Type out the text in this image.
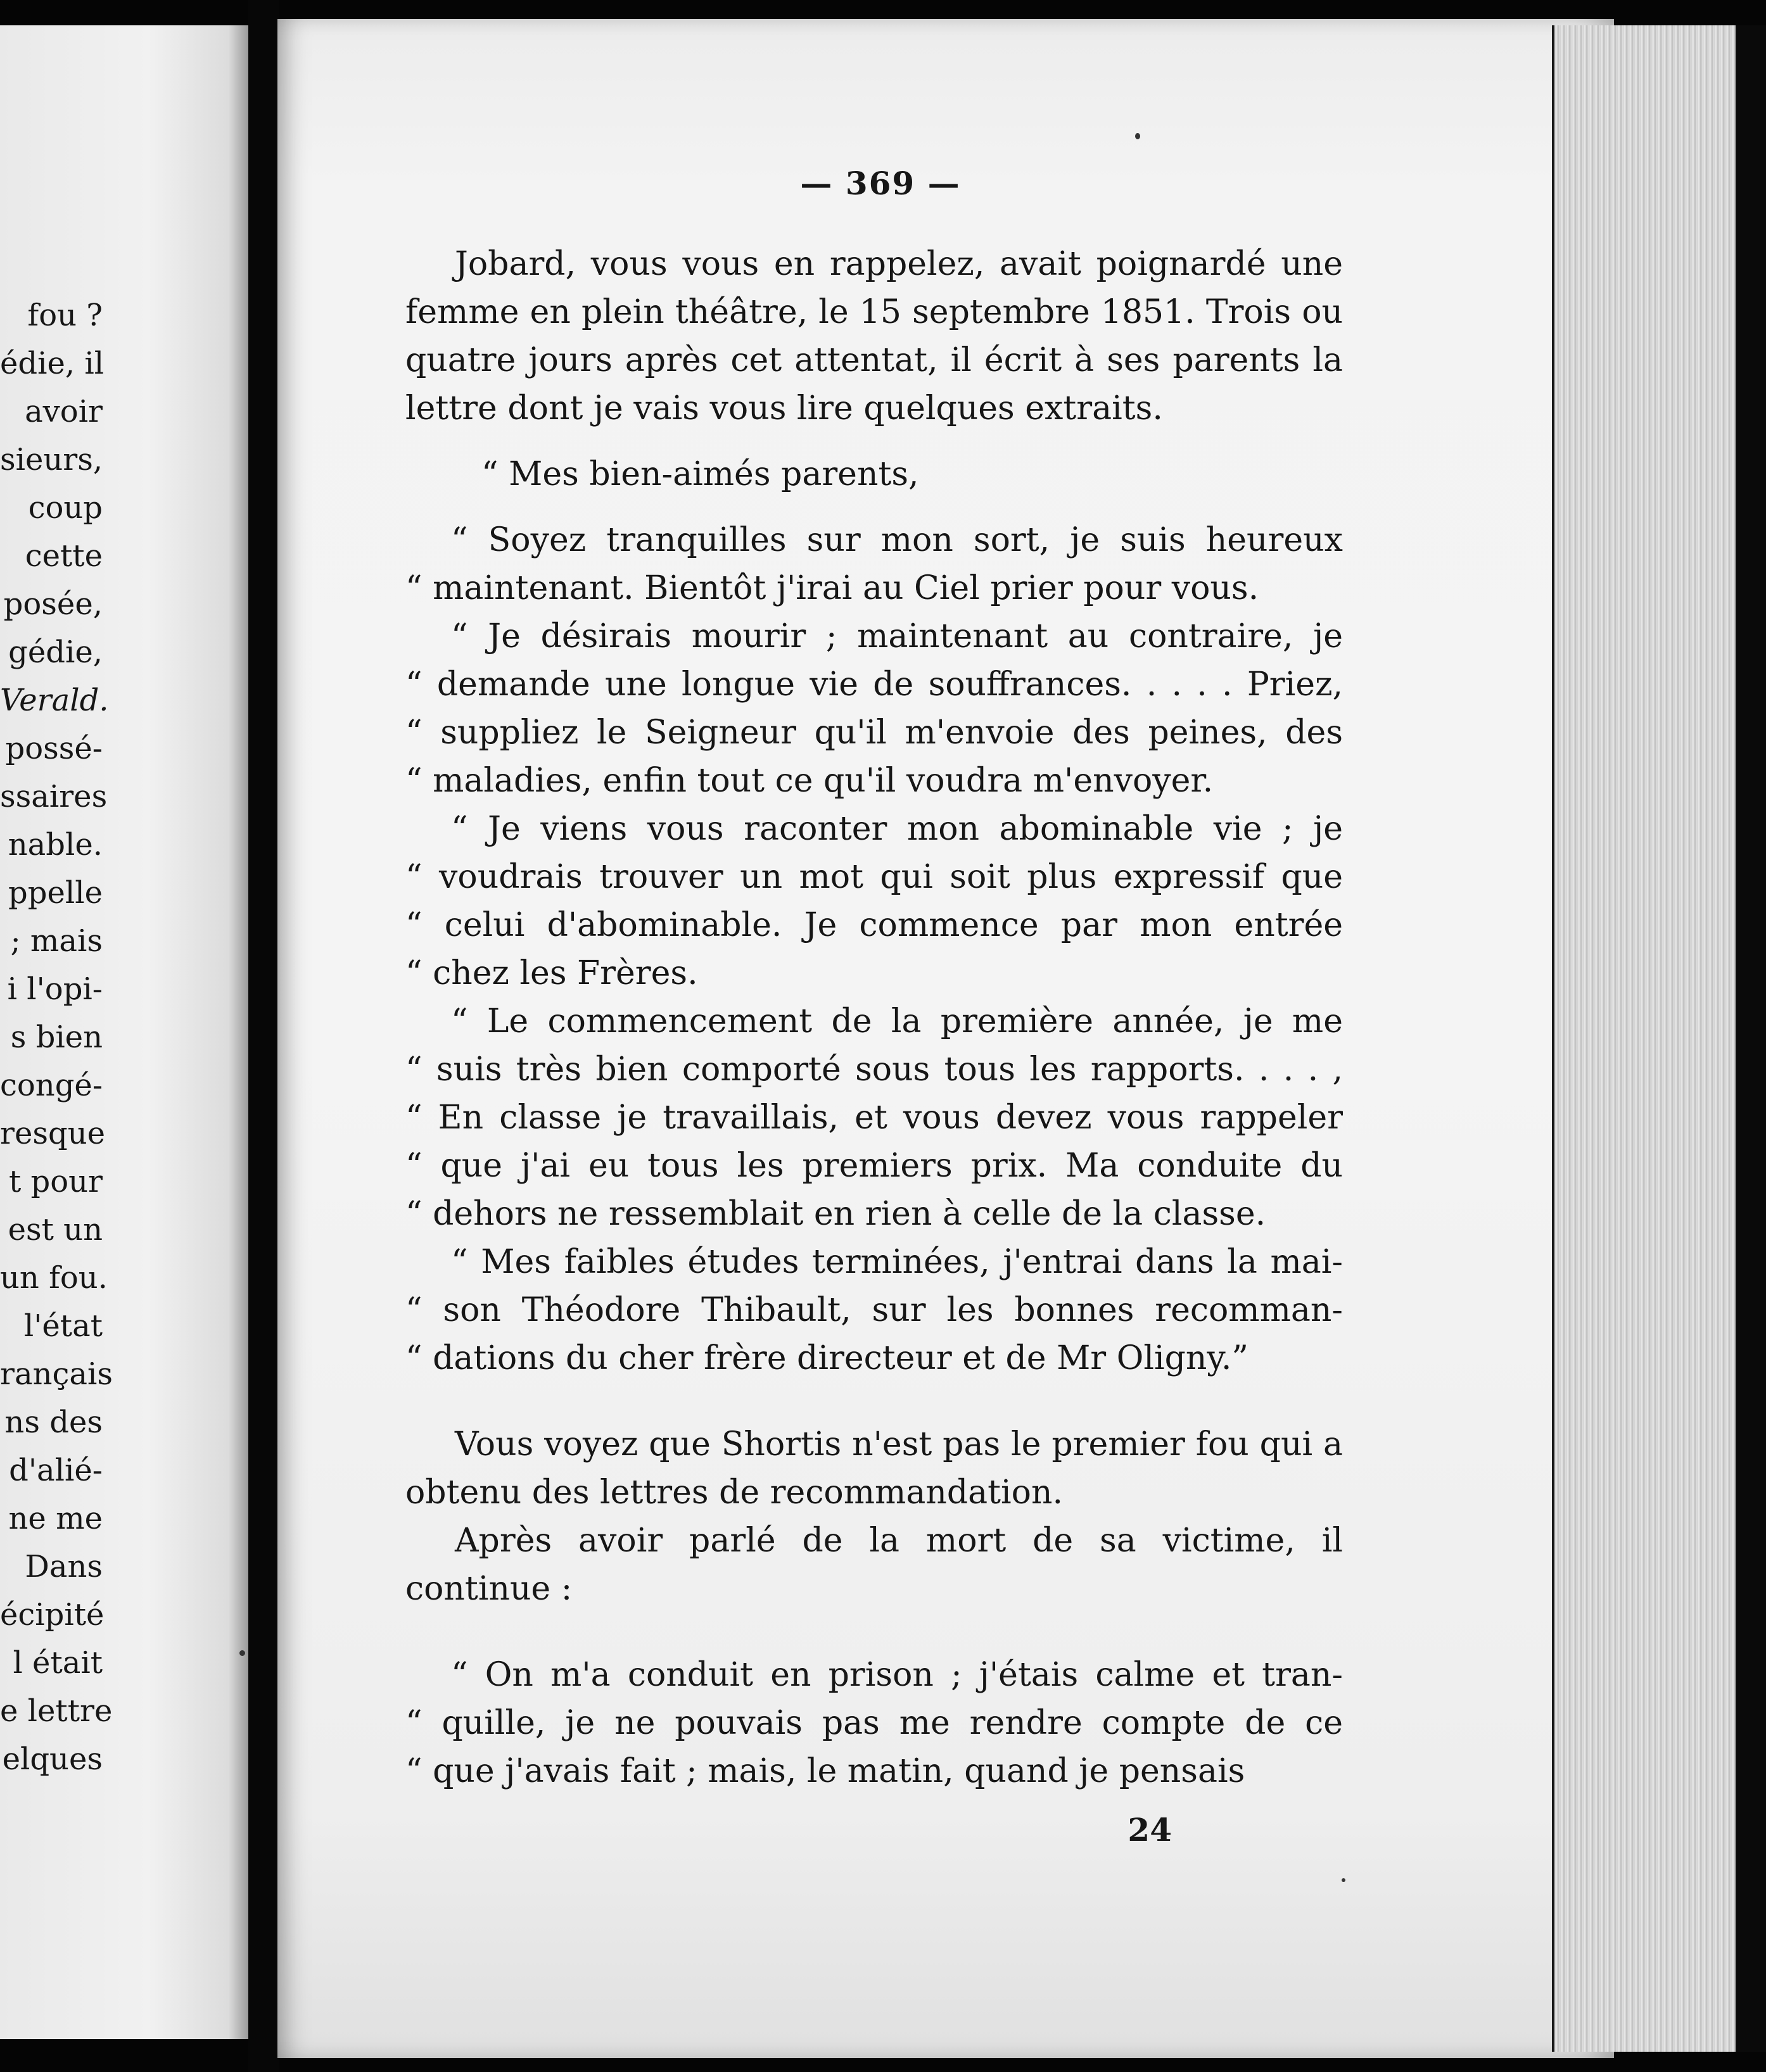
fou ?
édie, il
avoir
sieurs,
coup
cette
posée,
gédie,
Verald.
possé-
ssaires
nable.
ppelle
; mais
i l'opi-
s bien
congé-
resque
t pour
est un
un fou.
l'état
rançais
ns des
d'alié-
ne me
Dans
écipité
l était
e lettre
elques
— 369 —

Jobard, vous vous en rappelez, avait poignardé une femme en plein théâtre, le 15 septembre 1851. Trois ou quatre jours après cet attentat, il écrit à ses parents la lettre dont je vais vous lire quelques extraits.

“ Mes bien-aimés parents,

“ Soyez tranquilles sur mon sort, je suis heureux

“ maintenant. Bientôt j'irai au Ciel prier pour vous.

“ Je désirais mourir ; maintenant au contraire, je

“ demande une longue vie de souffrances. . . . . Priez,

“ suppliez le Seigneur qu'il m'envoie des peines, des

“ maladies, enfin tout ce qu'il voudra m'envoyer.

“ Je viens vous raconter mon abominable vie ; je

“ voudrais trouver un mot qui soit plus expressif que

“ celui d'abominable. Je commence par mon entrée

“ chez les Frères.

“ Le commencement de la première année, je me

“ suis très bien comporté sous tous les rapports. . . . ,

“ En classe je travaillais, et vous devez vous rappeler

“ que j'ai eu tous les premiers prix. Ma conduite du

“ dehors ne ressemblait en rien à celle de la classe.

“ Mes faibles études terminées, j'entrai dans la mai-

“ son Théodore Thibault, sur les bonnes recomman-

“ dations du cher frère directeur et de Mr Oligny.”

Vous voyez que Shortis n'est pas le premier fou qui a obtenu des lettres de recommandation.

Après avoir parlé de la mort de sa victime, il continue :

“ On m'a conduit en prison ; j'étais calme et tran-

“ quille, je ne pouvais pas me rendre compte de ce

“ que j'avais fait ; mais, le matin, quand je pensais

24
